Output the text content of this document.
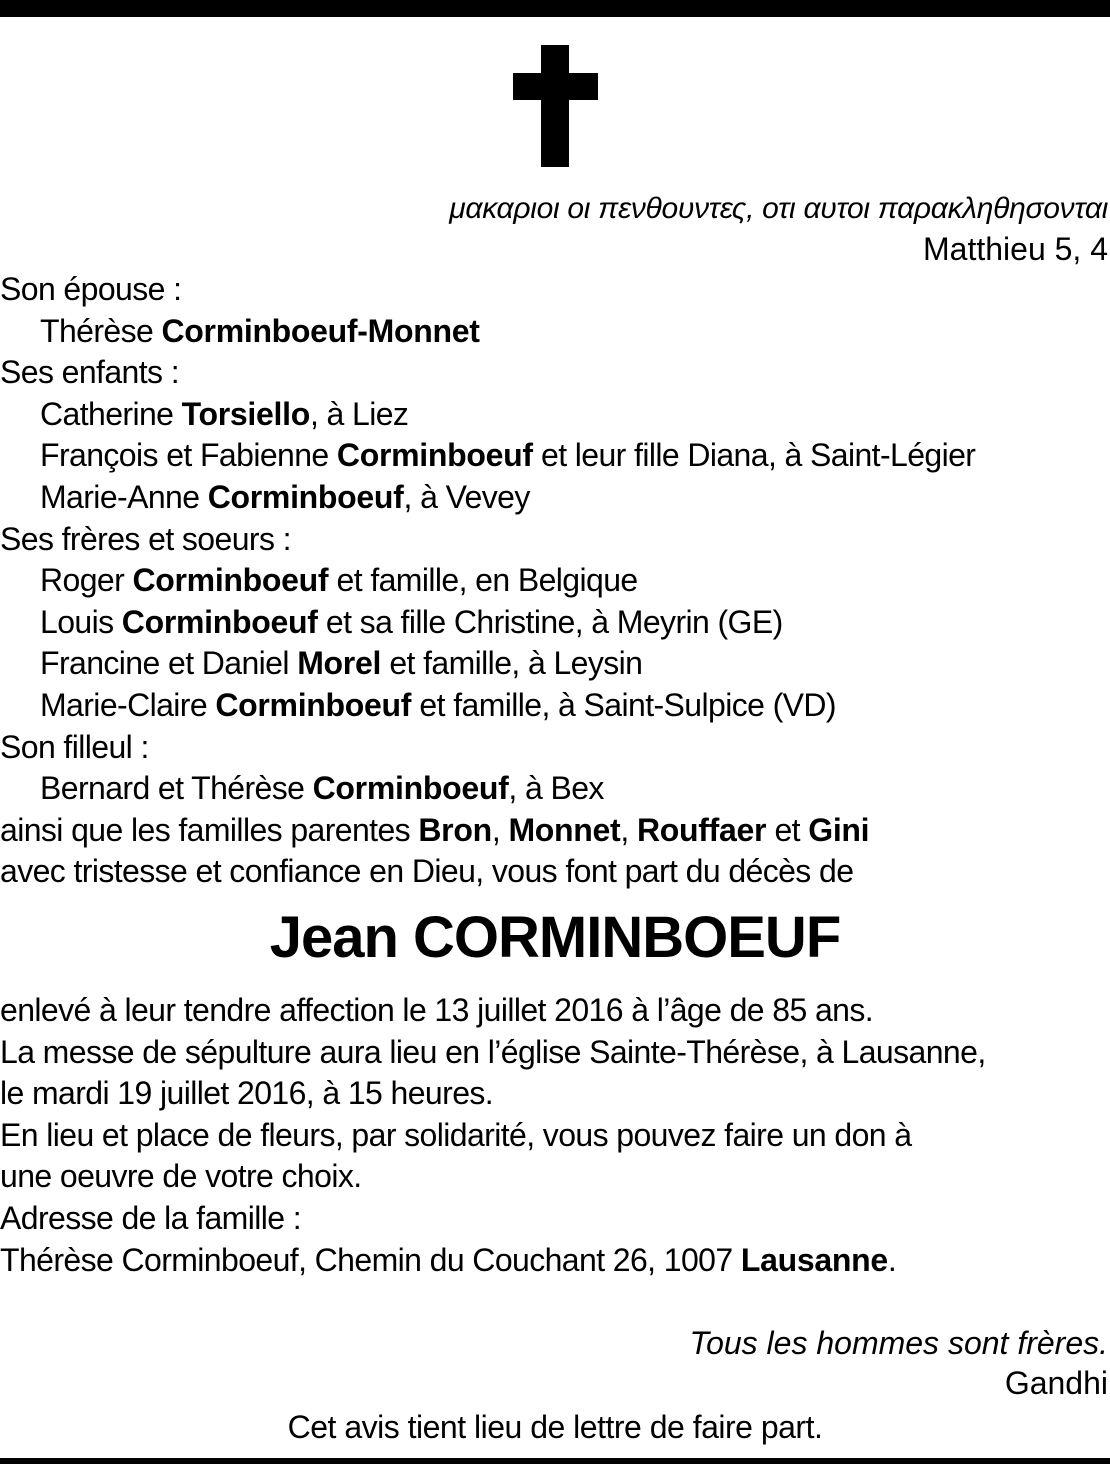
μακαριοι οι πενθουντες, οτι αυτοι παρακληθησονται
Matthieu 5, 4
Son épouse :
Thérèse Corminboeuf-Monnet
Ses enfants :
Catherine Torsiello, à Liez
François et Fabienne Corminboeuf et leur fille Diana, à Saint-Légier
Marie-Anne Corminboeuf, à Vevey
Ses frères et soeurs :
Roger Corminboeuf et famille, en Belgique
Louis Corminboeuf et sa fille Christine, à Meyrin (GE)
Francine et Daniel Morel et famille, à Leysin
Marie-Claire Corminboeuf et famille, à Saint-Sulpice (VD)
Son filleul :
Bernard et Thérèse Corminboeuf, à Bex
ainsi que les familles parentes Bron, Monnet, Rouffaer et Gini
avec tristesse et confiance en Dieu, vous font part du décès de
Jean CORMINBOEUF
enlevé à leur tendre affection le 13 juillet 2016 à l’âge de 85 ans.
La messe de sépulture aura lieu en l’église Sainte-Thérèse, à Lausanne,
le mardi 19 juillet 2016, à 15 heures.
En lieu et place de fleurs, par solidarité, vous pouvez faire un don à
une oeuvre de votre choix.
Adresse de la famille :
Thérèse Corminboeuf, Chemin du Couchant 26, 1007 Lausanne.
Tous les hommes sont frères.
Gandhi
Cet avis tient lieu de lettre de faire part.
